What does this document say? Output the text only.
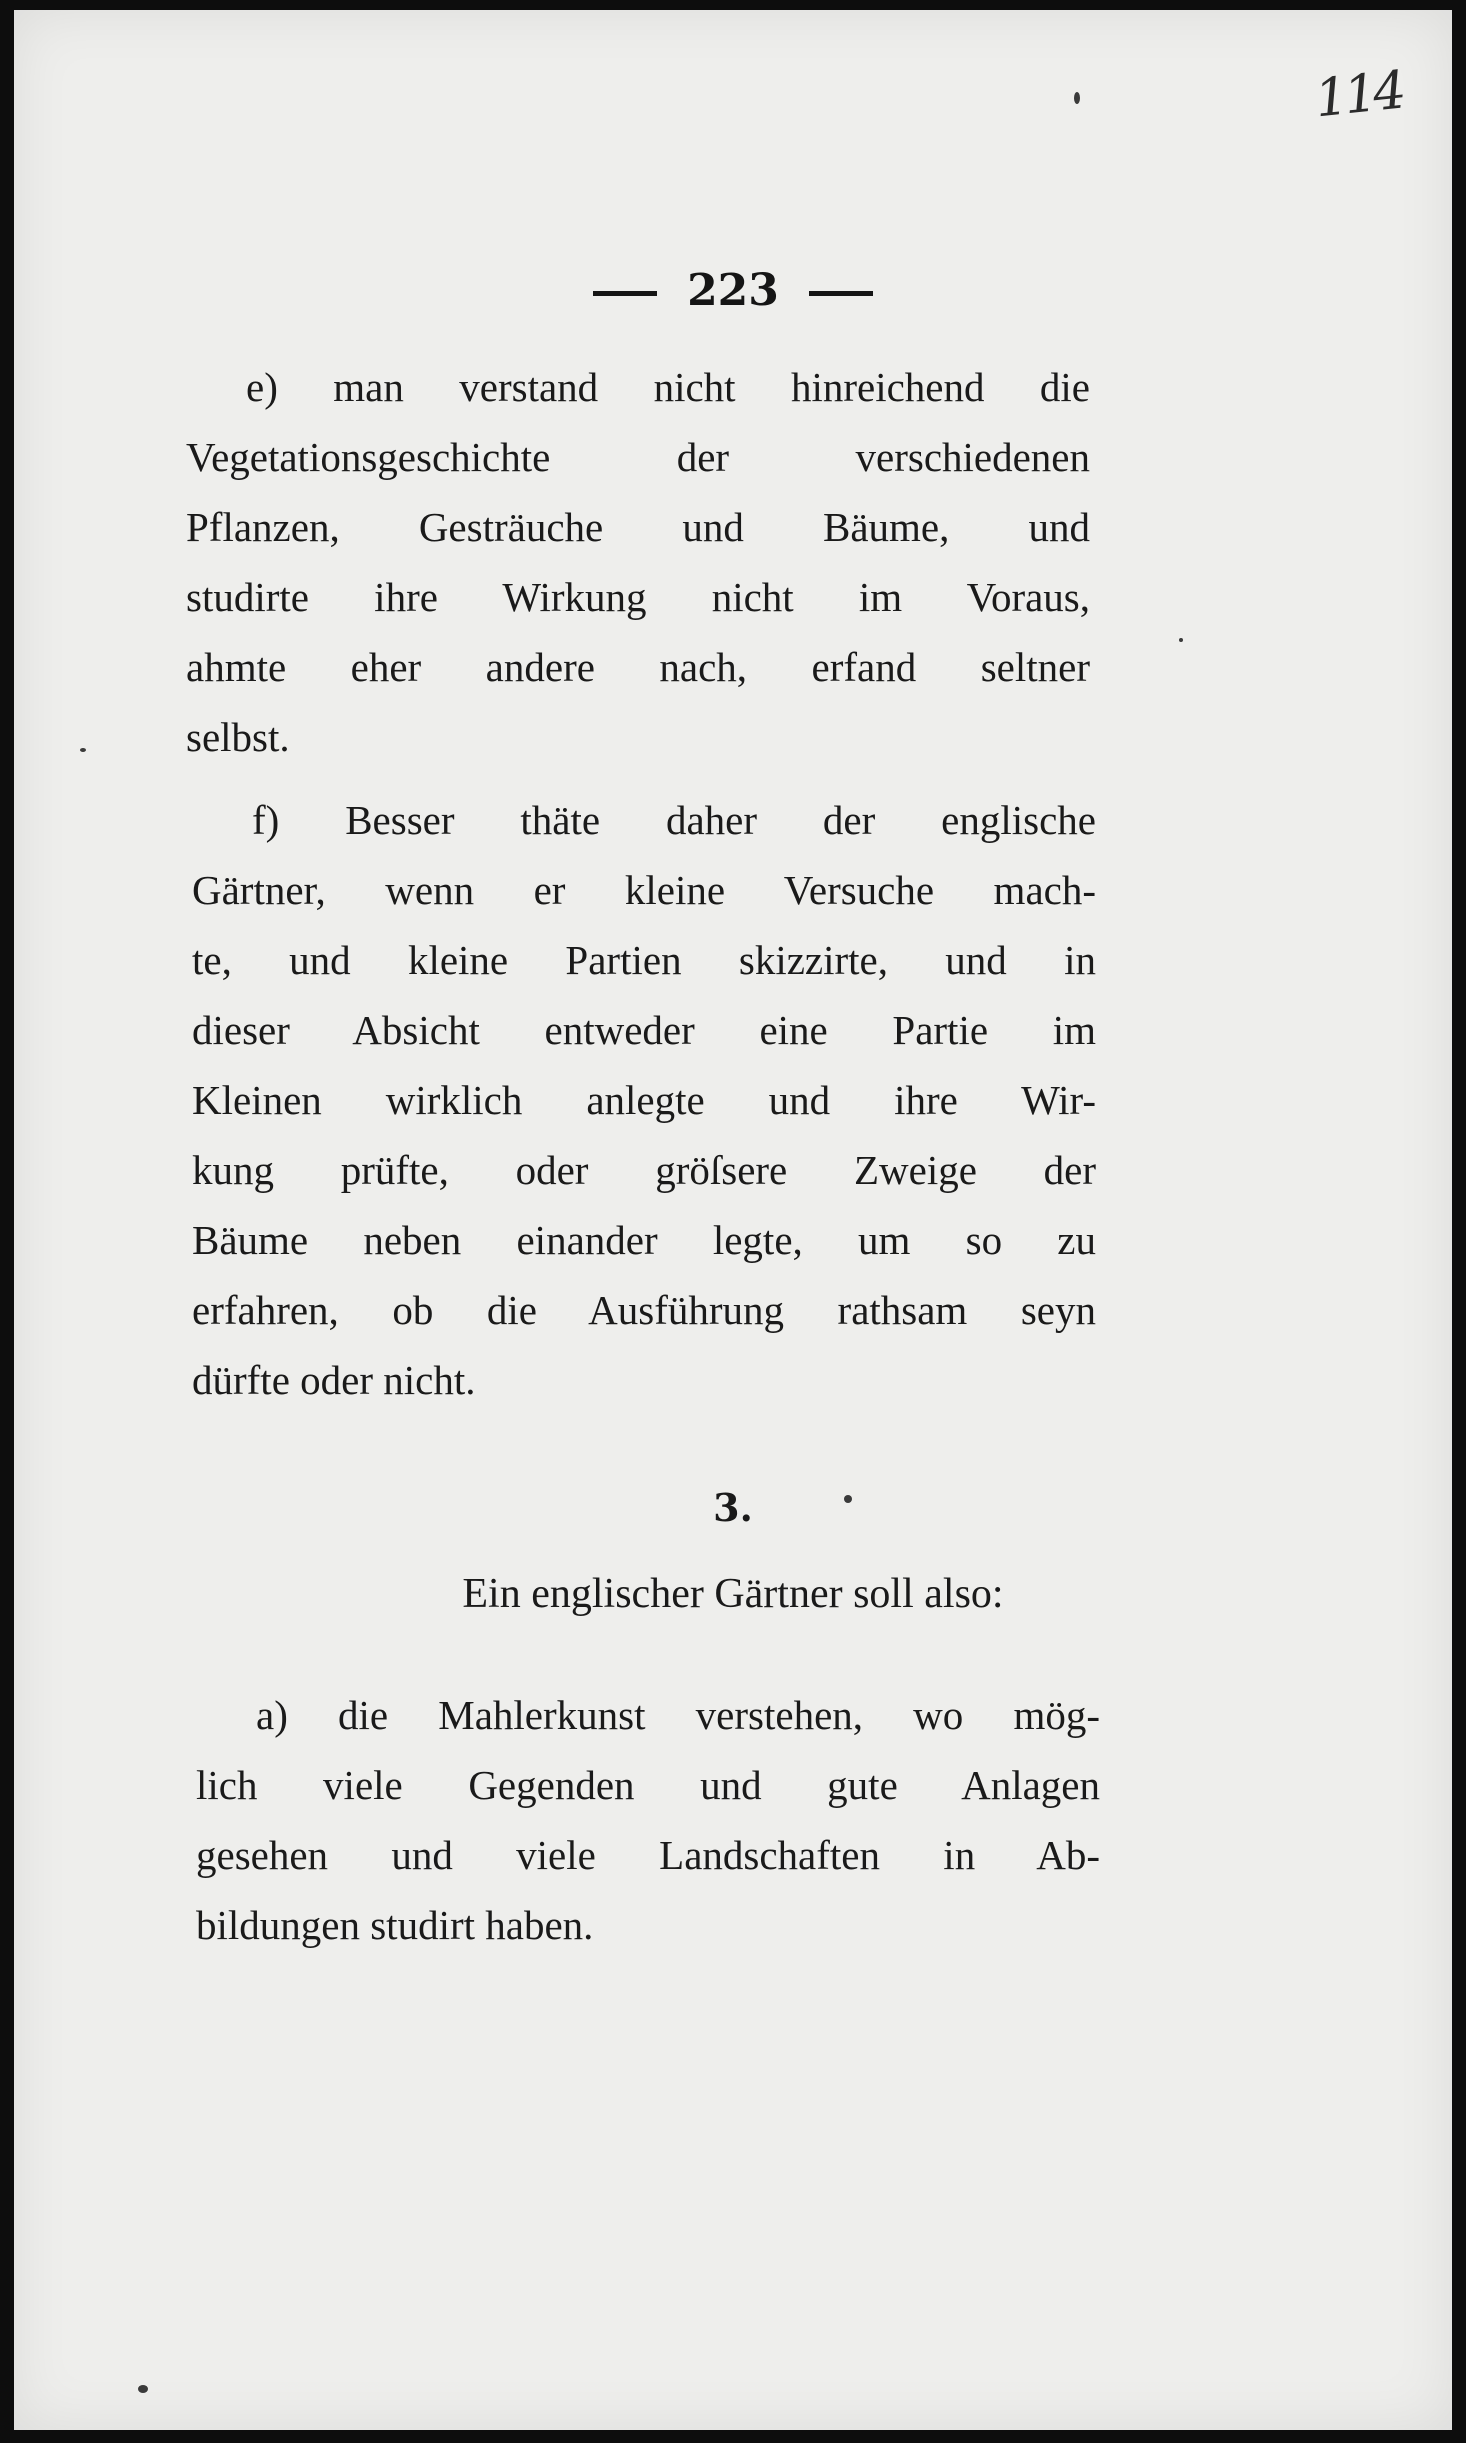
114
223
e) man verstand nicht hinreichend die
Vegetationsgeschichte der verschiedenen
Pflanzen, Gesträuche und Bäume, und
studirte ihre Wirkung nicht im Voraus,
ahmte eher andere nach, erfand seltner
selbst.
f) Besser thäte daher der englische
Gärtner, wenn er kleine Versuche mach-
te, und kleine Partien skizzirte, und in
dieser Absicht entweder eine Partie im
Kleinen wirklich anlegte und ihre Wir-
kung prüfte, oder gröſsere Zweige der
Bäume neben einander legte, um so zu
erfahren, ob die Ausführung rathsam seyn
dürfte oder nicht.
3.
Ein englischer Gärtner soll also:
a) die Mahlerkunst verstehen, wo mög-
lich viele Gegenden und gute Anlagen
gesehen und viele Landschaften in Ab-
bildungen studirt haben.
